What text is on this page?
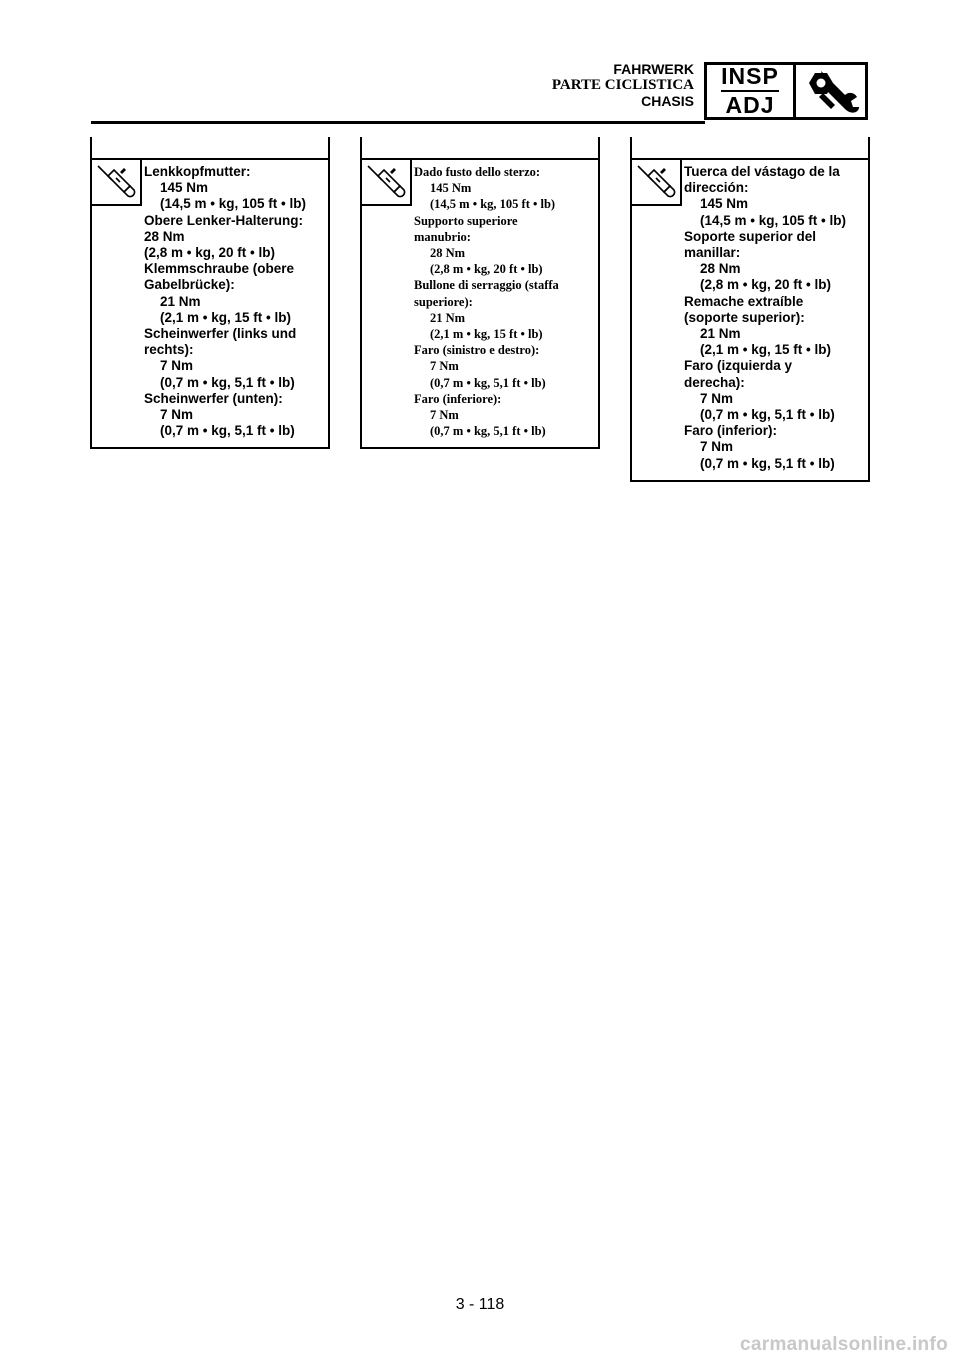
FAHRWERK
PARTE CICLISTICA
CHASIS
INSP
ADJ
Lenkkopfmutter:
145 Nm
(14,5 m • kg, 105 ft • lb)
Obere Lenker-Halterung:
28 Nm
(2,8 m • kg, 20 ft • lb)
Klemmschraube (obere
Gabelbrücke):
21 Nm
(2,1 m • kg, 15 ft • lb)
Scheinwerfer (links und
rechts):
7 Nm
(0,7 m • kg, 5,1 ft • lb)
Scheinwerfer (unten):
7 Nm
(0,7 m • kg, 5,1 ft • lb)
Dado fusto dello sterzo:
145 Nm
(14,5 m • kg, 105 ft • lb)
Supporto superiore
manubrio:
28 Nm
(2,8 m • kg, 20 ft • lb)
Bullone di serraggio (staffa
superiore):
21 Nm
(2,1 m • kg, 15 ft • lb)
Faro (sinistro e destro):
7 Nm
(0,7 m • kg, 5,1 ft • lb)
Faro (inferiore):
7 Nm
(0,7 m • kg, 5,1 ft • lb)
Tuerca del vástago de la
dirección:
145 Nm
(14,5 m • kg, 105 ft • lb)
Soporte superior del
manillar:
28 Nm
(2,8 m • kg, 20 ft • lb)
Remache extraíble
(soporte superior):
21 Nm
(2,1 m • kg, 15 ft • lb)
Faro (izquierda y
derecha):
7 Nm
(0,7 m • kg, 5,1 ft • lb)
Faro (inferior):
7 Nm
(0,7 m • kg, 5,1 ft • lb)
3 - 118
carmanualsonline.info
